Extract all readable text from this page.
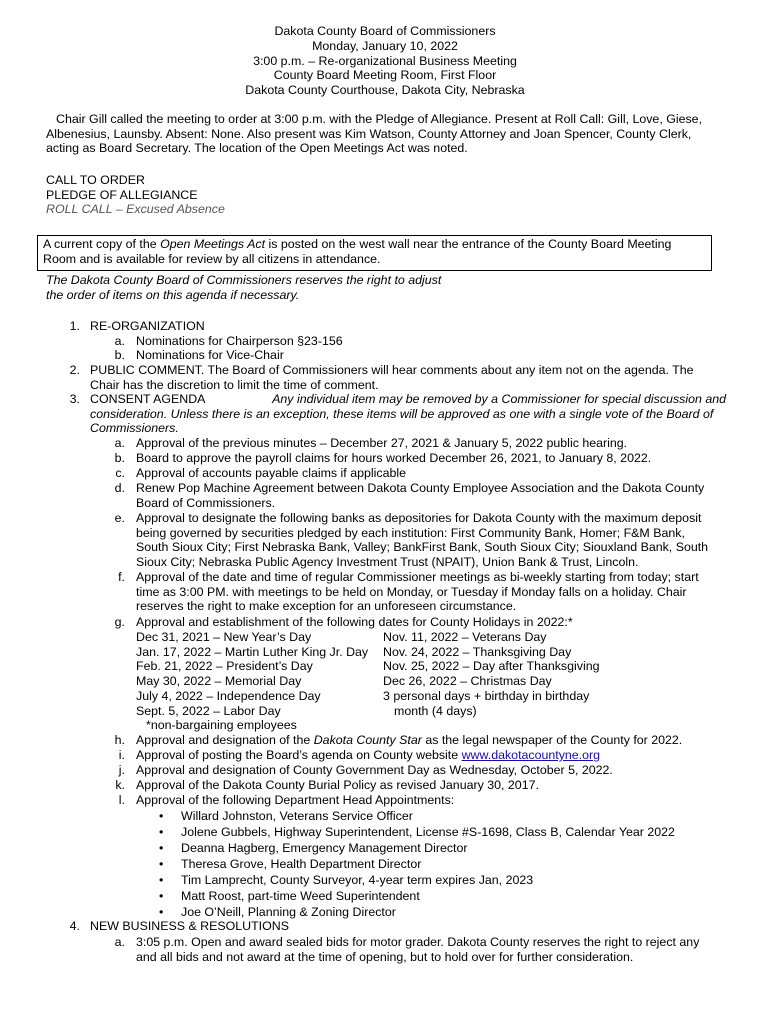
Dakota County Board of Commissioners
Monday, January 10, 2022
3:00 p.m. – Re-organizational Business Meeting
County Board Meeting Room, First Floor
Dakota County Courthouse, Dakota City, Nebraska
Chair Gill called the meeting to order at 3:00 p.m. with the Pledge of Allegiance. Present at Roll Call: Gill, Love, Giese,
Albenesius, Launsby. Absent: None. Also present was Kim Watson, County Attorney and Joan Spencer, County Clerk,
acting as Board Secretary. The location of the Open Meetings Act was noted.
CALL TO ORDER
PLEDGE OF ALLEGIANCE
ROLL CALL – Excused Absence
A current copy of the Open Meetings Act is posted on the west wall near the entrance of the County Board Meeting
Room and is available for review by all citizens in attendance.
The Dakota County Board of Commissioners reserves the right to adjust
the order of items on this agenda if necessary.
1. RE-ORGANIZATION
a. Nominations for Chairperson §23-156
b. Nominations for Vice-Chair
2. PUBLIC COMMENT. The Board of Commissioners will hear comments about any item not on the agenda. The
Chair has the discretion to limit the time of comment.
3. CONSENT AGENDA	Any individual item may be removed by a Commissioner for special discussion and
consideration. Unless there is an exception, these items will be approved as one with a single vote of the Board of
Commissioners.
a. Approval of the previous minutes – December 27, 2021 & January 5, 2022 public hearing.
b. Board to approve the payroll claims for hours worked December 26, 2021, to January 8, 2022.
c. Approval of accounts payable claims if applicable
d. Renew Pop Machine Agreement between Dakota County Employee Association and the Dakota County
Board of Commissioners.
e. Approval to designate the following banks as depositories for Dakota County with the maximum deposit
being governed by securities pledged by each institution: First Community Bank, Homer; F&M Bank,
South Sioux City; First Nebraska Bank, Valley; BankFirst Bank, South Sioux City; Siouxland Bank, South
Sioux City; Nebraska Public Agency Investment Trust (NPAIT), Union Bank & Trust, Lincoln.
f. Approval of the date and time of regular Commissioner meetings as bi-weekly starting from today; start
time as 3:00 PM. with meetings to be held on Monday, or Tuesday if Monday falls on a holiday. Chair
reserves the right to make exception for an unforeseen circumstance.
g. Approval and establishment of the following dates for County Holidays in 2022:*
Dec 31, 2021 – New Year’s Day
Jan. 17, 2022 – Martin Luther King Jr. Day
Feb. 21, 2022 – President’s Day
May 30, 2022 – Memorial Day
July 4, 2022 – Independence Day
Sept. 5, 2022 – Labor Day
Nov. 11, 2022 – Veterans Day
Nov. 24, 2022 – Thanksgiving Day
Nov. 25, 2022 – Day after Thanksgiving
Dec 26, 2022 – Christmas Day
3 personal days + birthday in birthday
month (4 days)
*non-bargaining employees
h. Approval and designation of the Dakota County Star as the legal newspaper of the County for 2022.
i. Approval of posting the Board’s agenda on County website www.dakotacountyne.org
j. Approval and designation of County Government Day as Wednesday, October 5, 2022.
k. Approval of the Dakota County Burial Policy as revised January 30, 2017.
l. Approval of the following Department Head Appointments:
• Willard Johnston, Veterans Service Officer
• Jolene Gubbels, Highway Superintendent, License #S-1698, Class B, Calendar Year 2022
• Deanna Hagberg, Emergency Management Director
• Theresa Grove, Health Department Director
• Tim Lamprecht, County Surveyor, 4-year term expires Jan, 2023
• Matt Roost, part-time Weed Superintendent
• Joe O’Neill, Planning & Zoning Director
4. NEW BUSINESS & RESOLUTIONS
a. 3:05 p.m. Open and award sealed bids for motor grader. Dakota County reserves the right to reject any
and all bids and not award at the time of opening, but to hold over for further consideration.
